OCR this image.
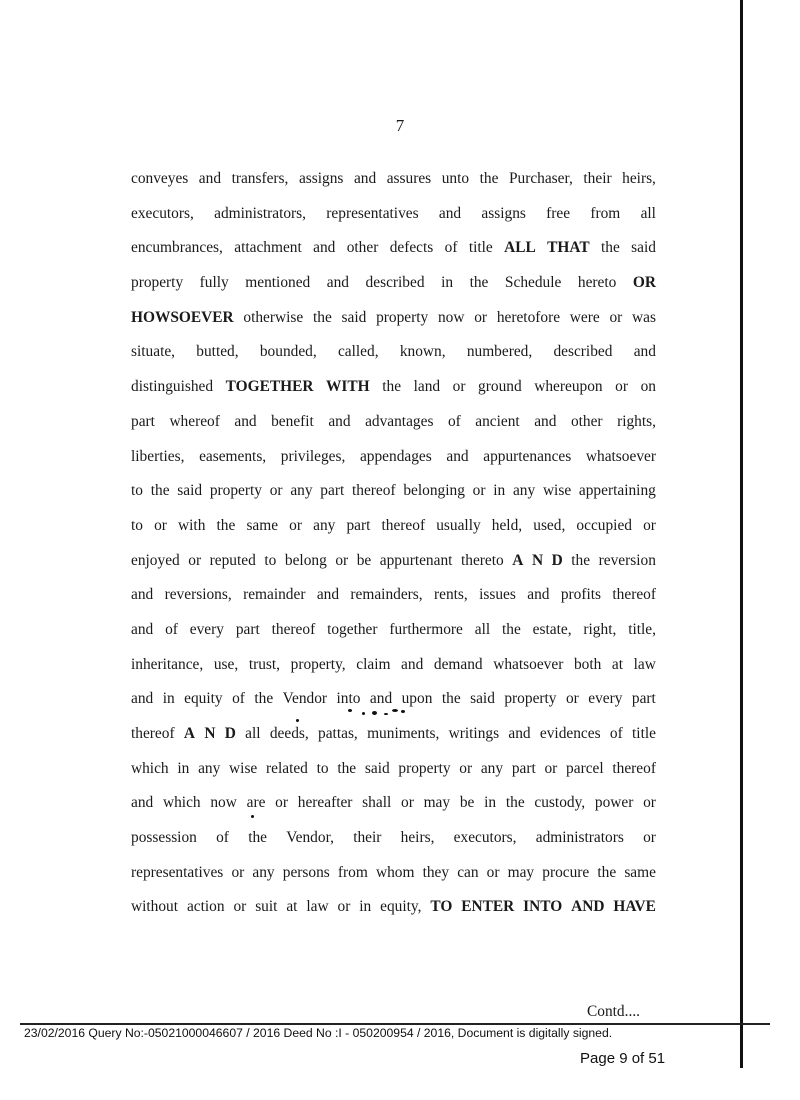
7
conveyes and transfers, assigns and assures unto the Purchaser, their heirs,
executors, administrators, representatives and assigns free from all
encumbrances, attachment and other defects of title ALL THAT the said
property fully mentioned and described in the Schedule hereto OR
HOWSOEVER otherwise the said property now or heretofore were or was
situate, butted, bounded, called, known, numbered, described and
distinguished TOGETHER WITH the land or ground whereupon or on
part whereof and benefit and advantages of ancient and other rights,
liberties, easements, privileges, appendages and appurtenances whatsoever
to the said property or any part thereof belonging or in any wise appertaining
to or with the same or any part thereof usually held, used, occupied or
enjoyed or reputed to belong or be appurtenant thereto A N D the reversion
and reversions, remainder and remainders, rents, issues and profits thereof
and of every part thereof together furthermore all the estate, right, title,
inheritance, use, trust, property, claim and demand whatsoever both at law
and in equity of the Vendor into and upon the said property or every part
thereof A N D all deeds, pattas, muniments, writings and evidences of title
which in any wise related to the said property or any part or parcel thereof
and which now are or hereafter shall or may be in the custody, power or
possession of the Vendor, their heirs, executors, administrators or
representatives or any persons from whom they can or may procure the same
without action or suit at law or in equity, TO ENTER INTO AND HAVE
Contd....
23/02/2016 Query No:-05021000046607 / 2016 Deed No :I - 050200954 / 2016, Document is digitally signed.
Page 9 of 51
